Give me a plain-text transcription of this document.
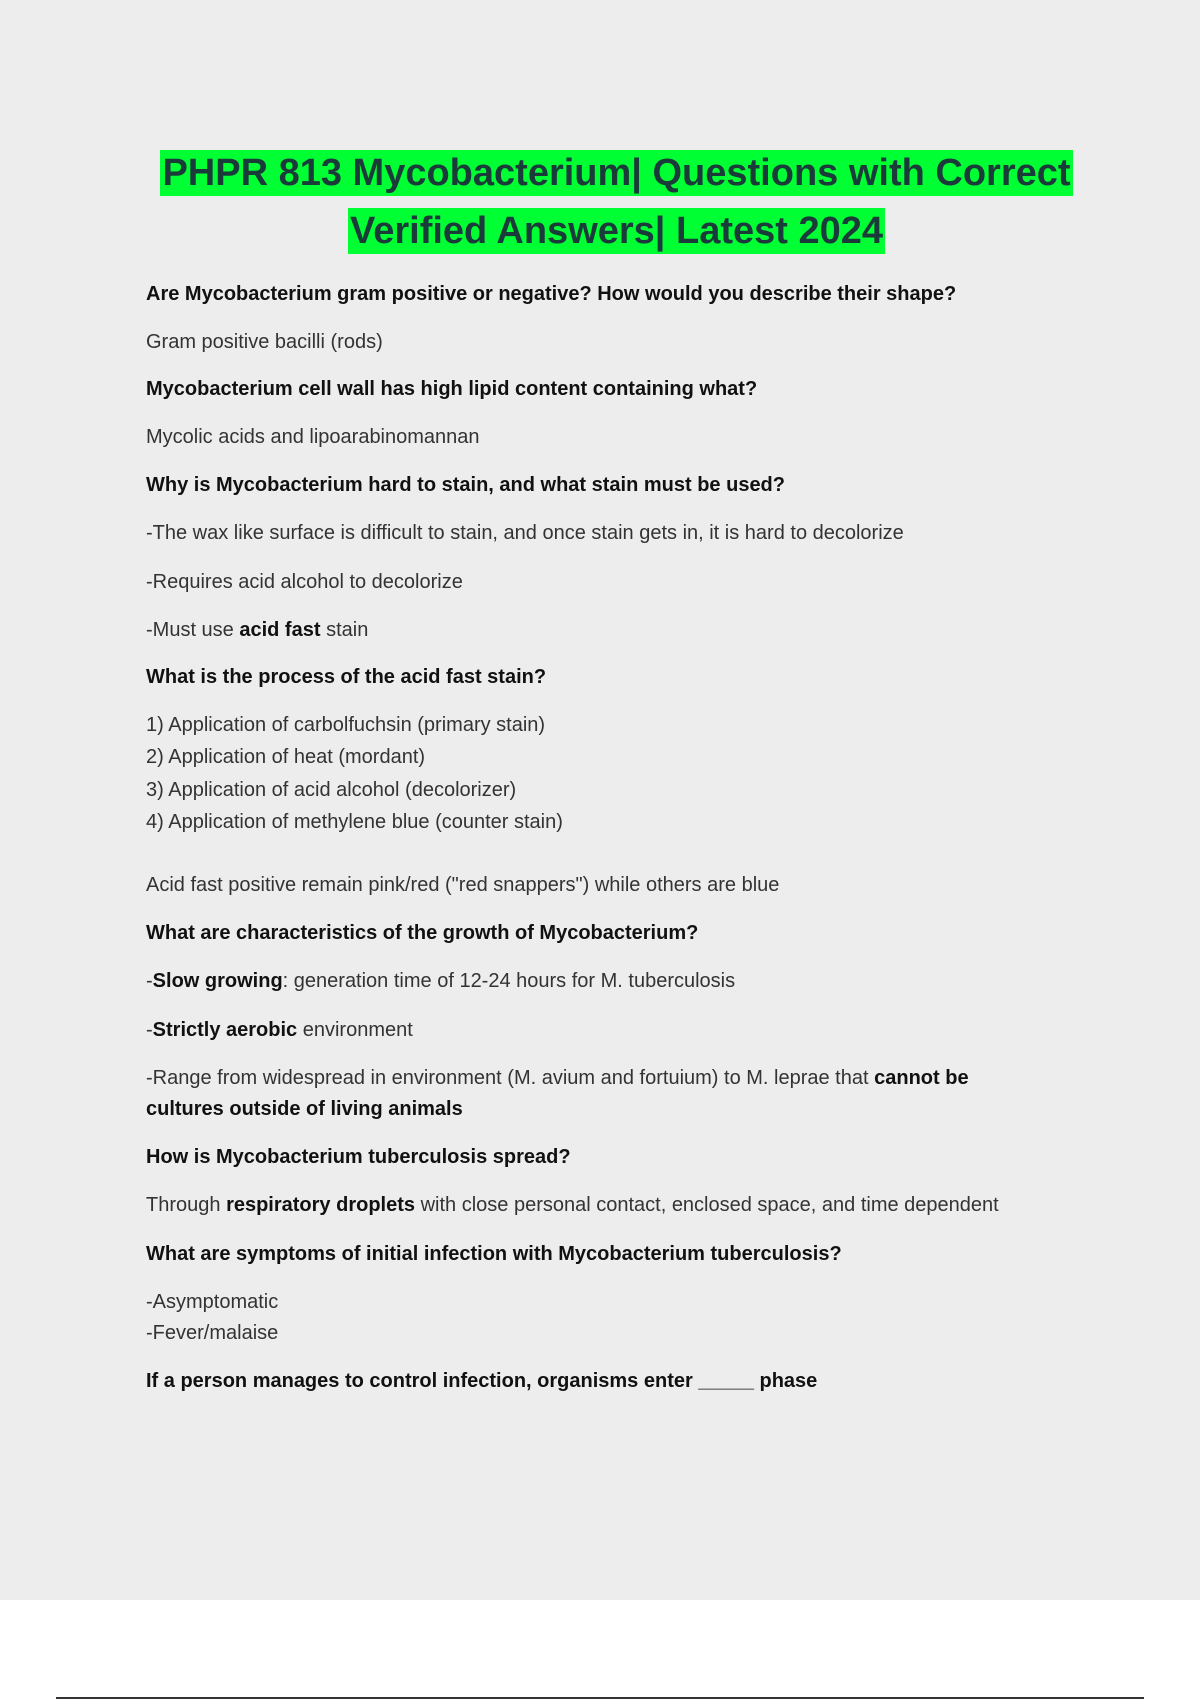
PHPR 813 Mycobacterium| Questions with Correct
Verified Answers| Latest 2024
Are Mycobacterium gram positive or negative? How would you describe their shape?
Gram positive bacilli (rods)
Mycobacterium cell wall has high lipid content containing what?
Mycolic acids and lipoarabinomannan
Why is Mycobacterium hard to stain, and what stain must be used?
-The wax like surface is difficult to stain, and once stain gets in, it is hard to decolorize
-Requires acid alcohol to decolorize
-Must use acid fast stain
What is the process of the acid fast stain?
1) Application of carbolfuchsin (primary stain)
2) Application of heat (mordant)
3) Application of acid alcohol (decolorizer)
4) Application of methylene blue (counter stain)
Acid fast positive remain pink/red ("red snappers") while others are blue
What are characteristics of the growth of Mycobacterium?
-Slow growing: generation time of 12-24 hours for M. tuberculosis
-Strictly aerobic environment
-Range from widespread in environment (M. avium and fortuium) to M. leprae that cannot be
cultures outside of living animals
How is Mycobacterium tuberculosis spread?
Through respiratory droplets with close personal contact, enclosed space, and time dependent
What are symptoms of initial infection with Mycobacterium tuberculosis?
-Asymptomatic
-Fever/malaise
If a person manages to control infection, organisms enter _____ phase
